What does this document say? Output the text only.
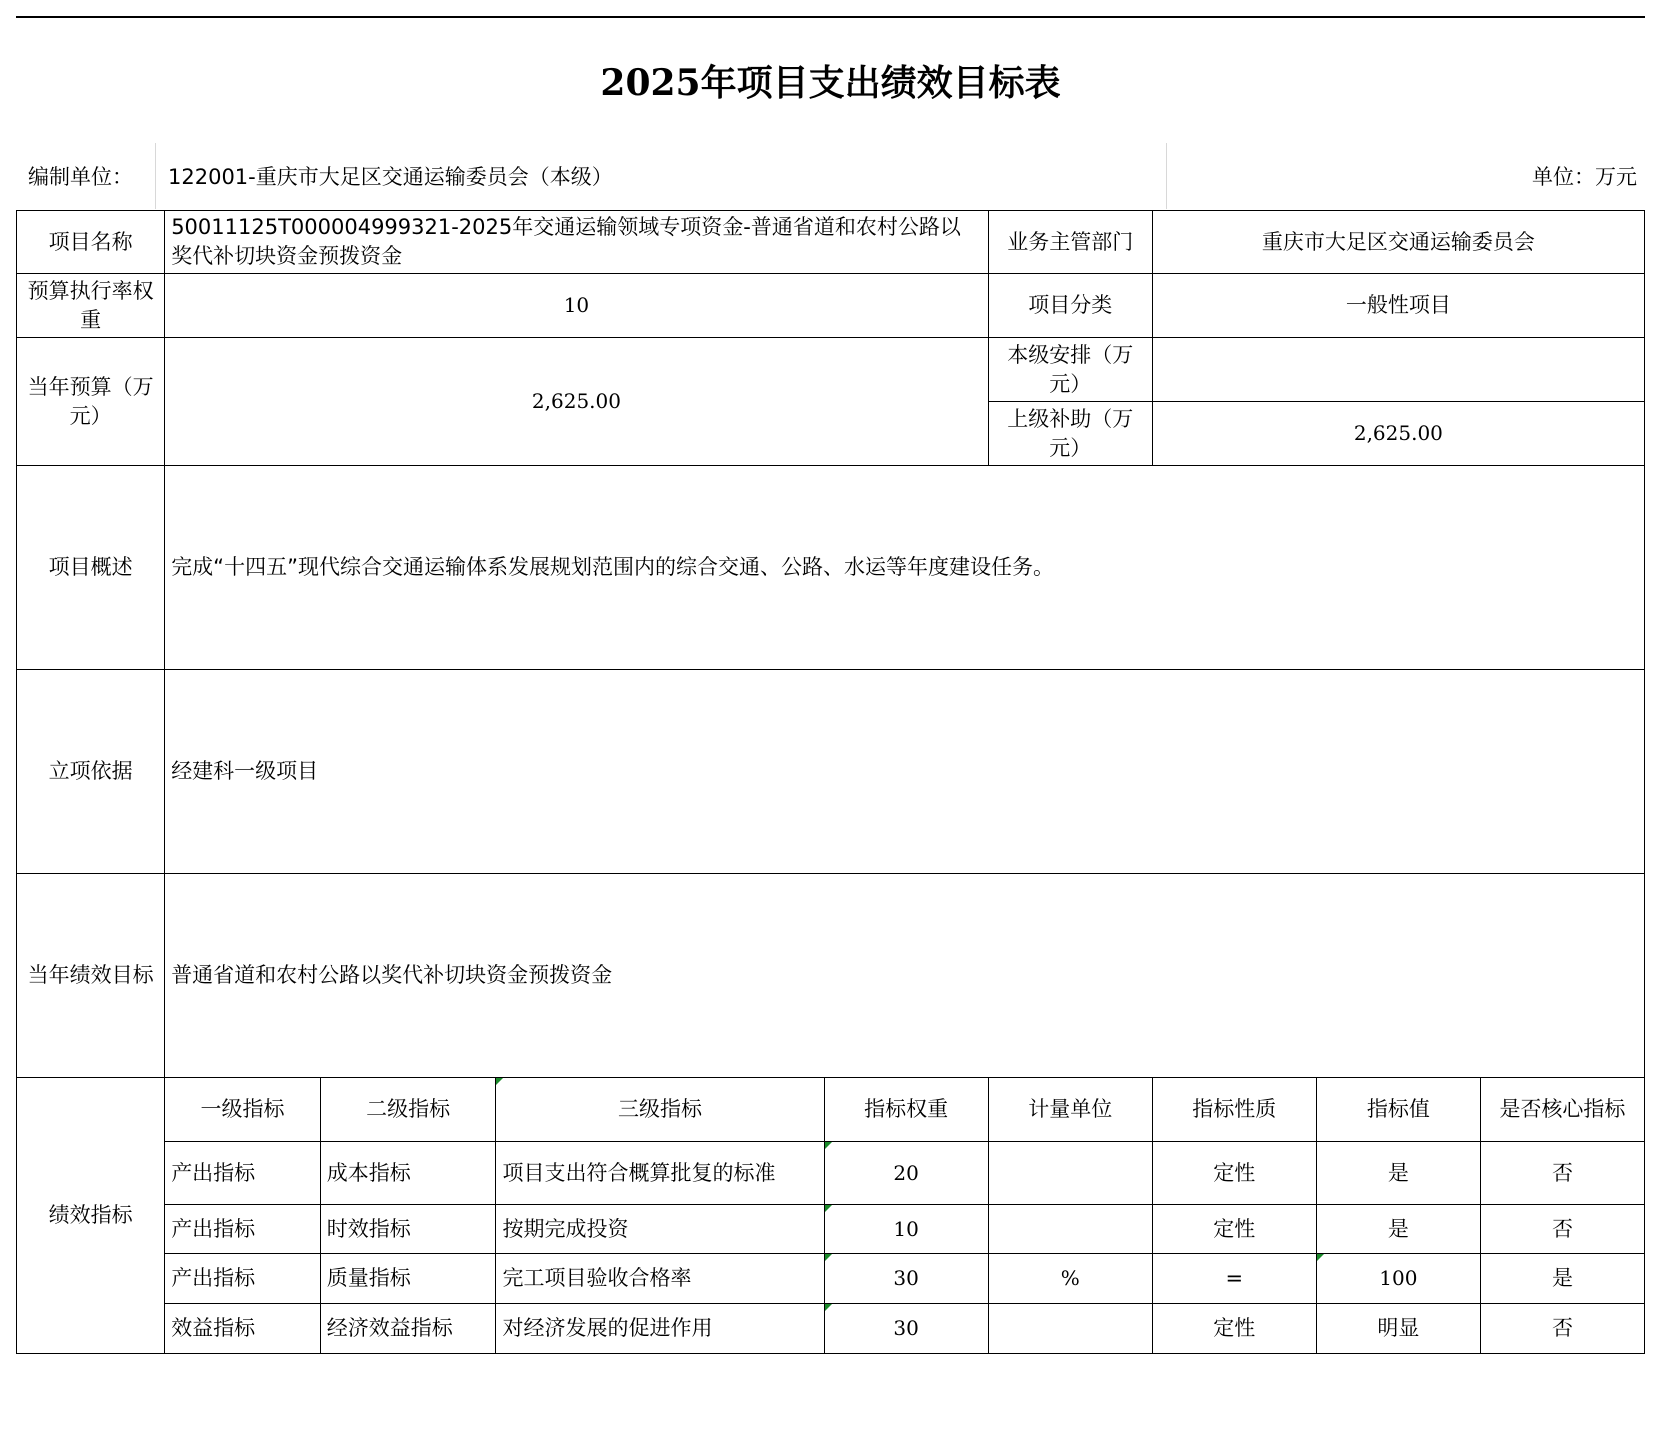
2025年项目支出绩效目标表
编制单位：	122001-重庆市大足区交通运输委员会（本级）	单位：万元
项目名称	50011125T000004999321-2025年交通运输领域专项资金-普通省道和农村公路以奖代补切块资金预拨资金				业务主管部门	重庆市大足区交通运输委员会		
预算执行率权重	10				项目分类	一般性项目		
当年预算（万元）	2,625.00				本级安排（万元）			
					上级补助（万元）	2,625.00		
项目概述	完成“十四五”现代综合交通运输体系发展规划范围内的综合交通、公路、水运等年度建设任务。							
立项依据	经建科一级项目							
当年绩效目标	普通省道和农村公路以奖代补切块资金预拨资金							
绩效指标	一级指标	二级指标	三级指标	指标权重	计量单位	指标性质	指标值	是否核心指标
	产出指标	成本指标	项目支出符合概算批复的标准	20		定性	是	否
	产出指标	时效指标	按期完成投资	10		定性	是	否
	产出指标	质量指标	完工项目验收合格率	30	%	=	100	是
	效益指标	经济效益指标	对经济发展的促进作用	30		定性	明显	否
